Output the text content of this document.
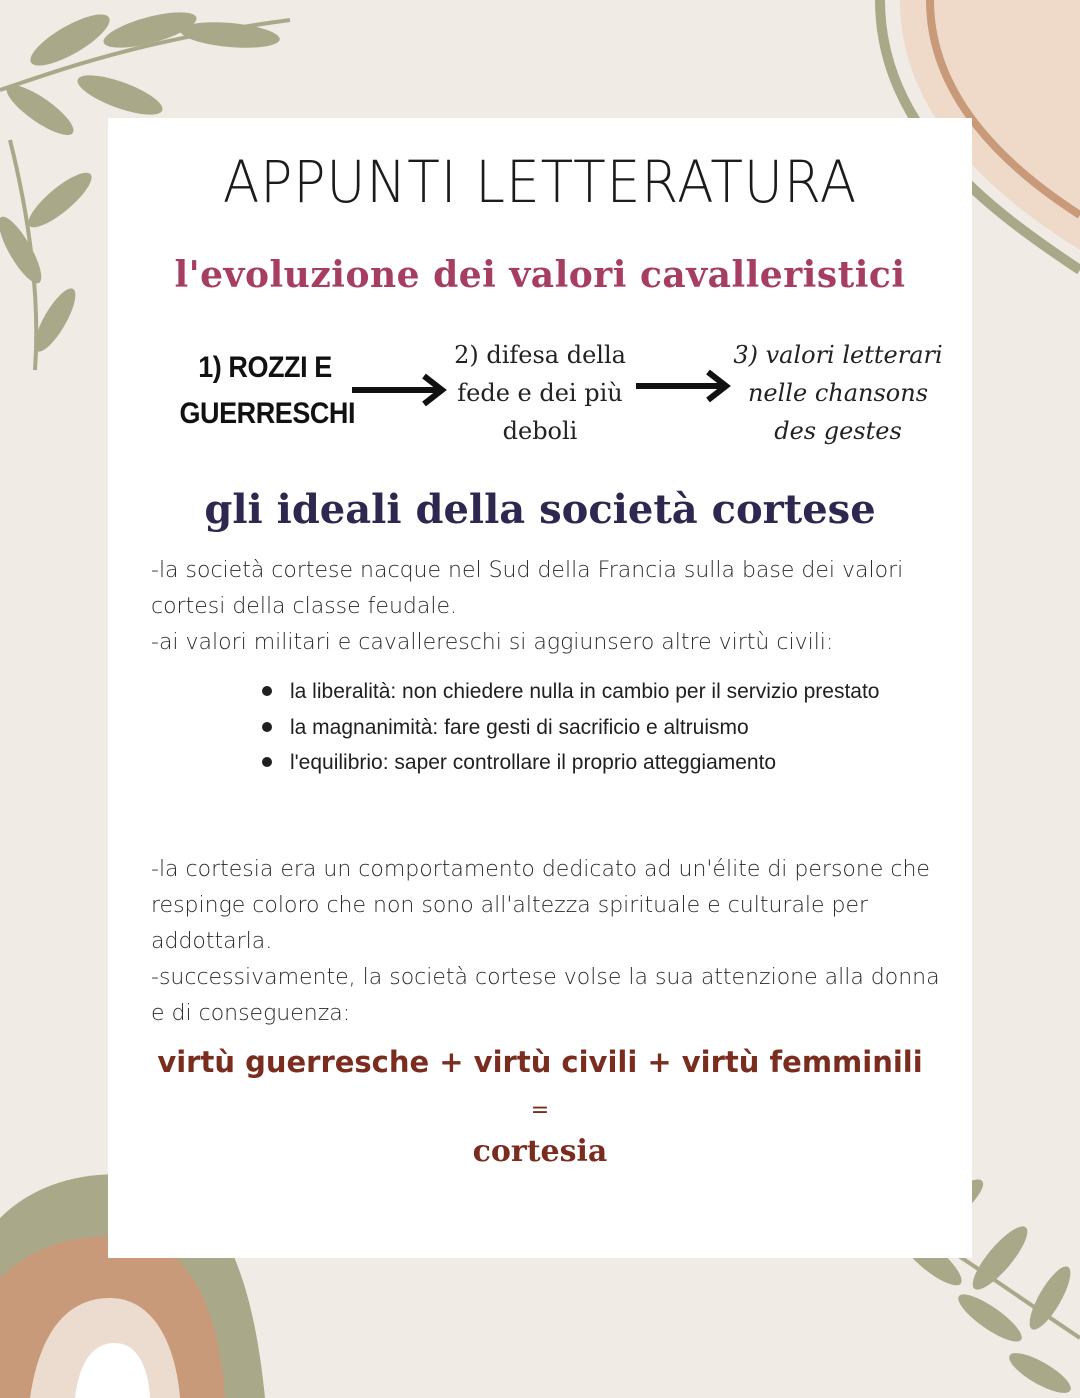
APPUNTI LETTERATURA
l'evoluzione dei valori cavalleristici
1) ROZZI E GUERRESCHI
2) difesa della fede e dei più deboli
3) valori letterari nelle chansons des gestes
gli ideali della società cortese
-la società cortese nacque nel Sud della Francia sulla base dei valori cortesi della classe feudale.
-ai valori militari e cavallereschi si aggiunsero altre virtù civili:
la liberalità: non chiedere nulla in cambio per il servizio prestato
la magnanimità: fare gesti di sacrificio e altruismo
l'equilibrio: saper controllare il proprio atteggiamento
-la cortesia era un comportamento dedicato ad un'élite di persone che respinge coloro che non sono all'altezza spirituale e culturale per addottarla.
-successivamente, la società cortese volse la sua attenzione alla donna e di conseguenza:
virtù guerresche + virtù civili + virtù femminili
=
cortesia
